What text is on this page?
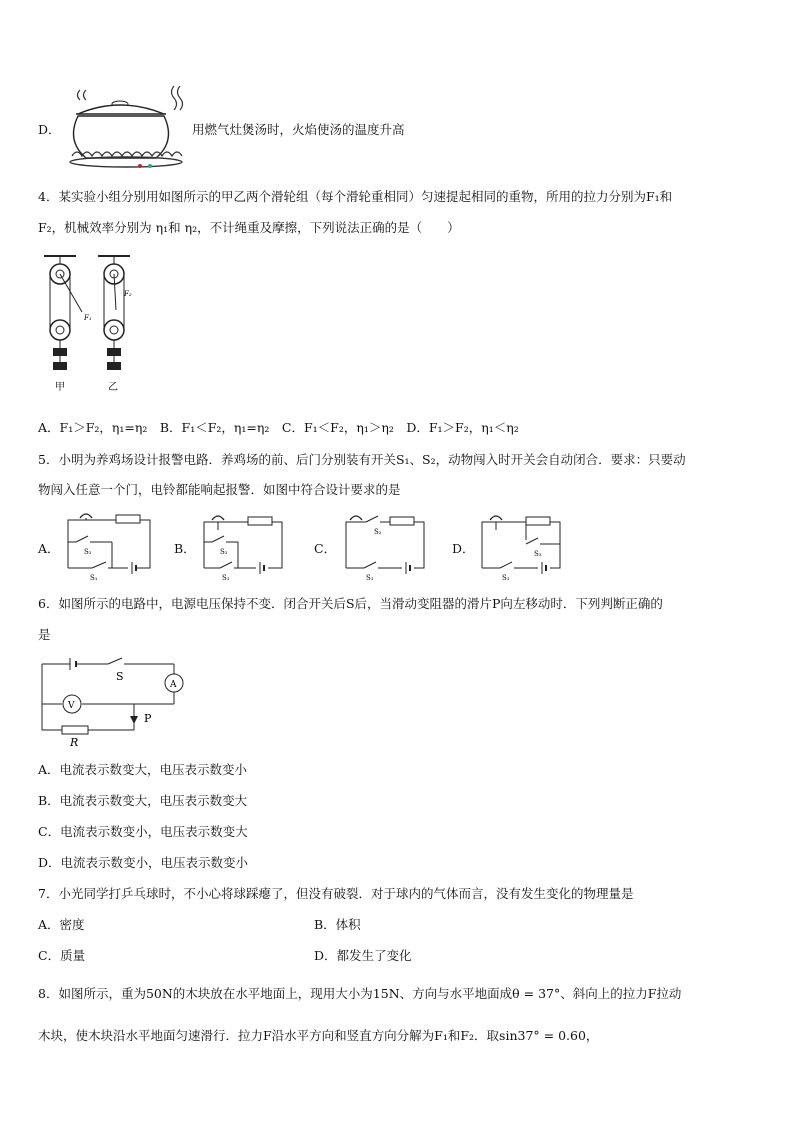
D．	用燃气灶煲汤时，火焰使汤的温度升高
4．某实验小组分别用如图所示的甲乙两个滑轮组（每个滑轮重相同）匀速提起相同的重物，所用的拉力分别为F₁和
F₂，机械效率分别为 η₁和 η₂，不计绳重及摩擦，下列说法正确的是（　　）
F₁
甲
F₂
乙
A．F₁＞F₂，η₁=η₂　B．F₁＜F₂，η₁=η₂　C．F₁＜F₂，η₁＞η₂　D．F₁＞F₂，η₁＜η₂
5．小明为养鸡场设计报警电路．养鸡场的前、后门分别装有开关S₁、S₂，动物闯入时开关会自动闭合．要求：只要动
物闯入任意一个门，电铃都能响起报警．如图中符合设计要求的是
A．	S₂
S₁
B．	S₂
S₁
C．
S₂
S₁
D．	S₂
S₁
6．如图所示的电路中，电源电压保持不变．闭合开关后S后，当滑动变阻器的滑片P向左移动时．下列判断正确的
是
S
A
V
P
R
A．电流表示数变大，电压表示数变小
B．电流表示数变大，电压表示数变大
C．电流表示数变小，电压表示数变大
D．电流表示数变小，电压表示数变小
7．小光同学打乒乓球时，不小心将球踩瘪了，但没有破裂．对于球内的气体而言，没有发生变化的物理量是
A．密度	B．体积
C．质量	D．都发生了变化
8．如图所示，重为50N的木块放在水平地面上，现用大小为15N、方向与水平地面成θ = 37°、斜向上的拉力F拉动
木块，使木块沿水平地面匀速滑行．拉力F沿水平方向和竖直方向分解为F₁和F₂．取sin37° = 0.60，
